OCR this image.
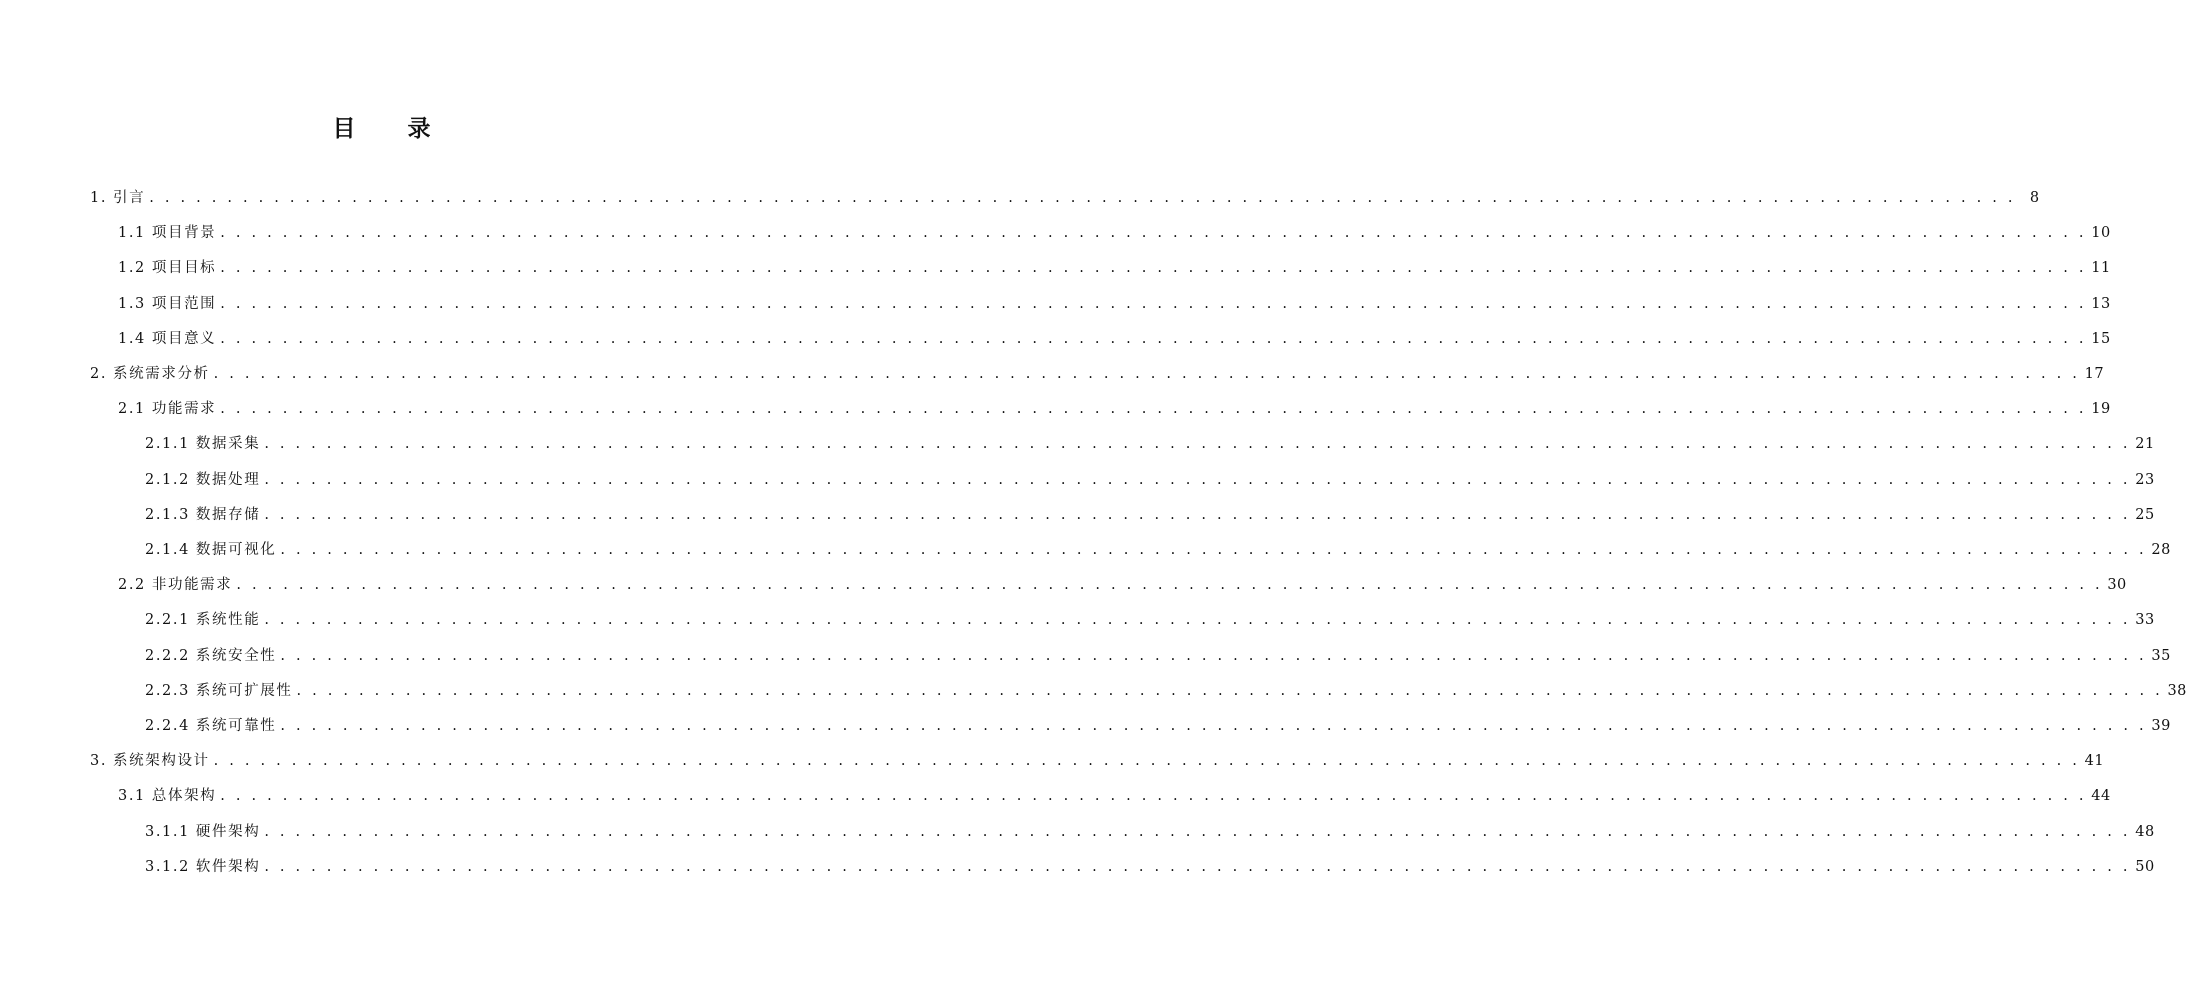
目　　录
1. 引言 . . . . . . . . . . . . . . . . . . . . . . . . . . . . . . . . . . . . . . . . . . . . . . . . . . . . . . . . . . . . . . . . . . . . . . . . . . . . . . . . . . . . . . . . . . . . . . . . . . . . . . . . . . . . . . . . . . . . . . . . 8
1.1 项目背景 . . . . . . . . . . . . . . . . . . . . . . . . . . . . . . . . . . . . . . . . . . . . . . . . . . . . . . . . . . . . . . . . . . . . . . . . . . . . . . . . . . . . . . . . . . . . . . . . . . . . . . . . . . . . . . . . . . . . . . . . 10
1.2 项目目标 . . . . . . . . . . . . . . . . . . . . . . . . . . . . . . . . . . . . . . . . . . . . . . . . . . . . . . . . . . . . . . . . . . . . . . . . . . . . . . . . . . . . . . . . . . . . . . . . . . . . . . . . . . . . . . . . . . . . . . . . 11
1.3 项目范围 . . . . . . . . . . . . . . . . . . . . . . . . . . . . . . . . . . . . . . . . . . . . . . . . . . . . . . . . . . . . . . . . . . . . . . . . . . . . . . . . . . . . . . . . . . . . . . . . . . . . . . . . . . . . . . . . . . . . . . . . 13
1.4 项目意义 . . . . . . . . . . . . . . . . . . . . . . . . . . . . . . . . . . . . . . . . . . . . . . . . . . . . . . . . . . . . . . . . . . . . . . . . . . . . . . . . . . . . . . . . . . . . . . . . . . . . . . . . . . . . . . . . . . . . . . . . 15
2. 系统需求分析 . . . . . . . . . . . . . . . . . . . . . . . . . . . . . . . . . . . . . . . . . . . . . . . . . . . . . . . . . . . . . . . . . . . . . . . . . . . . . . . . . . . . . . . . . . . . . . . . . . . . . . . . . . . . . . . . . . . . . . . . 17
2.1 功能需求 . . . . . . . . . . . . . . . . . . . . . . . . . . . . . . . . . . . . . . . . . . . . . . . . . . . . . . . . . . . . . . . . . . . . . . . . . . . . . . . . . . . . . . . . . . . . . . . . . . . . . . . . . . . . . . . . . . . . . . . . 19
2.1.1 数据采集 . . . . . . . . . . . . . . . . . . . . . . . . . . . . . . . . . . . . . . . . . . . . . . . . . . . . . . . . . . . . . . . . . . . . . . . . . . . . . . . . . . . . . . . . . . . . . . . . . . . . . . . . . . . . . . . . . . . . . . . . 21
2.1.2 数据处理 . . . . . . . . . . . . . . . . . . . . . . . . . . . . . . . . . . . . . . . . . . . . . . . . . . . . . . . . . . . . . . . . . . . . . . . . . . . . . . . . . . . . . . . . . . . . . . . . . . . . . . . . . . . . . . . . . . . . . . . . 23
2.1.3 数据存储 . . . . . . . . . . . . . . . . . . . . . . . . . . . . . . . . . . . . . . . . . . . . . . . . . . . . . . . . . . . . . . . . . . . . . . . . . . . . . . . . . . . . . . . . . . . . . . . . . . . . . . . . . . . . . . . . . . . . . . . . 25
2.1.4 数据可视化 . . . . . . . . . . . . . . . . . . . . . . . . . . . . . . . . . . . . . . . . . . . . . . . . . . . . . . . . . . . . . . . . . . . . . . . . . . . . . . . . . . . . . . . . . . . . . . . . . . . . . . . . . . . . . . . . . . . . . . . . 28
2.2 非功能需求 . . . . . . . . . . . . . . . . . . . . . . . . . . . . . . . . . . . . . . . . . . . . . . . . . . . . . . . . . . . . . . . . . . . . . . . . . . . . . . . . . . . . . . . . . . . . . . . . . . . . . . . . . . . . . . . . . . . . . . . . 30
2.2.1 系统性能 . . . . . . . . . . . . . . . . . . . . . . . . . . . . . . . . . . . . . . . . . . . . . . . . . . . . . . . . . . . . . . . . . . . . . . . . . . . . . . . . . . . . . . . . . . . . . . . . . . . . . . . . . . . . . . . . . . . . . . . . 33
2.2.2 系统安全性 . . . . . . . . . . . . . . . . . . . . . . . . . . . . . . . . . . . . . . . . . . . . . . . . . . . . . . . . . . . . . . . . . . . . . . . . . . . . . . . . . . . . . . . . . . . . . . . . . . . . . . . . . . . . . . . . . . . . . . . . 35
2.2.3 系统可扩展性 . . . . . . . . . . . . . . . . . . . . . . . . . . . . . . . . . . . . . . . . . . . . . . . . . . . . . . . . . . . . . . . . . . . . . . . . . . . . . . . . . . . . . . . . . . . . . . . . . . . . . . . . . . . . . . . . . . . . . . . . 38
2.2.4 系统可靠性 . . . . . . . . . . . . . . . . . . . . . . . . . . . . . . . . . . . . . . . . . . . . . . . . . . . . . . . . . . . . . . . . . . . . . . . . . . . . . . . . . . . . . . . . . . . . . . . . . . . . . . . . . . . . . . . . . . . . . . . . 39
3. 系统架构设计 . . . . . . . . . . . . . . . . . . . . . . . . . . . . . . . . . . . . . . . . . . . . . . . . . . . . . . . . . . . . . . . . . . . . . . . . . . . . . . . . . . . . . . . . . . . . . . . . . . . . . . . . . . . . . . . . . . . . . . . . 41
3.1 总体架构 . . . . . . . . . . . . . . . . . . . . . . . . . . . . . . . . . . . . . . . . . . . . . . . . . . . . . . . . . . . . . . . . . . . . . . . . . . . . . . . . . . . . . . . . . . . . . . . . . . . . . . . . . . . . . . . . . . . . . . . . 44
3.1.1 硬件架构 . . . . . . . . . . . . . . . . . . . . . . . . . . . . . . . . . . . . . . . . . . . . . . . . . . . . . . . . . . . . . . . . . . . . . . . . . . . . . . . . . . . . . . . . . . . . . . . . . . . . . . . . . . . . . . . . . . . . . . . . 48
3.1.2 软件架构 . . . . . . . . . . . . . . . . . . . . . . . . . . . . . . . . . . . . . . . . . . . . . . . . . . . . . . . . . . . . . . . . . . . . . . . . . . . . . . . . . . . . . . . . . . . . . . . . . . . . . . . . . . . . . . . . . . . . . . . . 50
